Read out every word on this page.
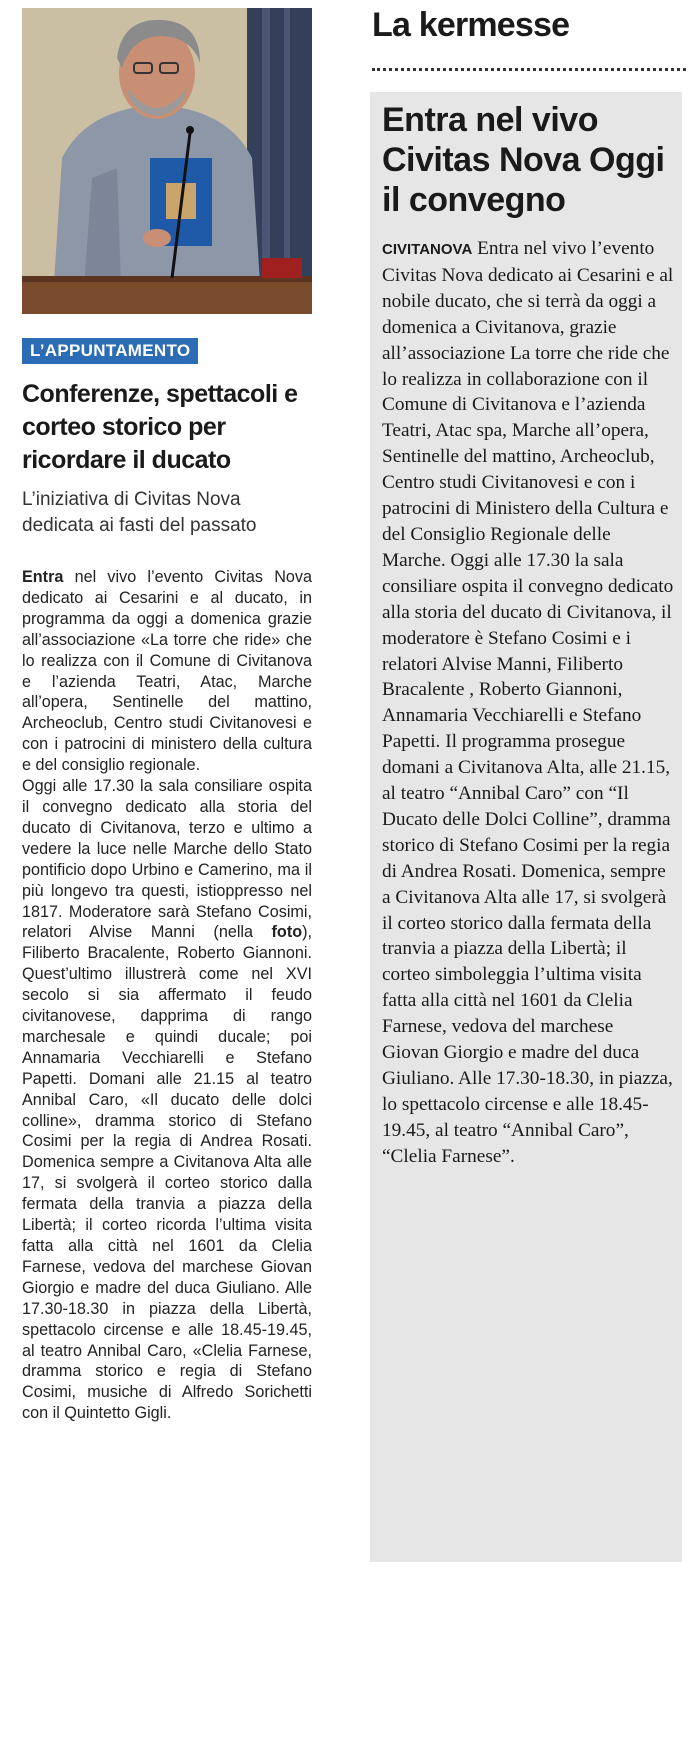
L’APPUNTAMENTO
Conferenze, spettacoli e corteo storico per ricordare il ducato
L’iniziativa di Civitas Nova dedicata ai fasti del passato
Entra nel vivo l’evento Civitas Nova dedicato ai Cesarini e al ducato, in programma da oggi a domenica grazie all’associazione «La torre che ride» che lo realizza con il Comune di Civitanova e l’azienda Teatri, Atac, Marche all’opera, Sentinelle del mattino, Archeoclub, Centro studi Civitanovesi e con i patrocini di ministero della cultura e del consiglio regionale.
Oggi alle 17.30 la sala consiliare ospita il convegno dedicato alla storia del ducato di Civitanova, terzo e ultimo a vedere la luce nelle Marche dello Stato pontificio dopo Urbino e Camerino, ma il più longevo tra questi, istioppresso nel 1817. Moderatore sarà Stefano Cosimi, relatori Alvise Manni (nella foto), Filiberto Bracalente, Roberto Giannoni. Quest’ultimo illustrerà come nel XVI secolo si sia affermato il feudo civitanovese, dapprima di rango marchesale e quindi ducale; poi Annamaria Vecchiarelli e Stefano Papetti. Domani alle 21.15 al teatro Annibal Caro, «Il ducato delle dolci colline», dramma storico di Stefano Cosimi per la regia di Andrea Rosati. Domenica sempre a Civitanova Alta alle 17, si svolgerà il corteo storico dalla fermata della tranvia a piazza della Libertà; il corteo ricorda l’ultima visita fatta alla città nel 1601 da Clelia Farnese, vedova del marchese Giovan Giorgio e madre del duca Giuliano. Alle 17.30-18.30 in piazza della Libertà, spettacolo circense e alle 18.45-19.45, al teatro Annibal Caro, «Clelia Farnese, dramma storico e regia di Stefano Cosimi, musiche di Alfredo Sorichetti con il Quintetto Gigli.
La kermesse
Entra nel vivo Civitas Nova Oggi il convegno
CIVITANOVA Entra nel vivo l’evento Civitas Nova dedicato ai Cesarini e al nobile ducato, che si terrà da oggi a domenica a Civitanova, grazie all’associazione La torre che ride che lo realizza in collaborazione con il Comune di Civitanova e l’azienda Teatri, Atac spa, Marche all’opera, Sentinelle del mattino, Archeoclub, Centro studi Civitanovesi e con i patrocini di Ministero della Cultura e del Consiglio Regionale delle Marche. Oggi alle 17.30 la sala consiliare ospita il convegno dedicato alla storia del ducato di Civitanova, il moderatore è Stefano Cosimi e i relatori Alvise Manni, Filiberto Bracalente , Roberto Giannoni, Annamaria Vecchiarelli e Stefano Papetti. Il programma prosegue domani a Civitanova Alta, alle 21.15, al teatro “Annibal Caro” con “Il Ducato delle Dolci Colline”, dramma storico di Stefano Cosimi per la regia di Andrea Rosati. Domenica, sempre a Civitanova Alta alle 17, si svolgerà il corteo storico dalla fermata della tranvia a piazza della Libertà; il corteo simboleggia l’ultima visita fatta alla città nel 1601 da Clelia Farnese, vedova del marchese Giovan Giorgio e madre del duca Giuliano. Alle 17.30-18.30, in piazza, lo spettacolo circense e alle 18.45-19.45, al teatro “Annibal Caro”, “Clelia Farnese”.
